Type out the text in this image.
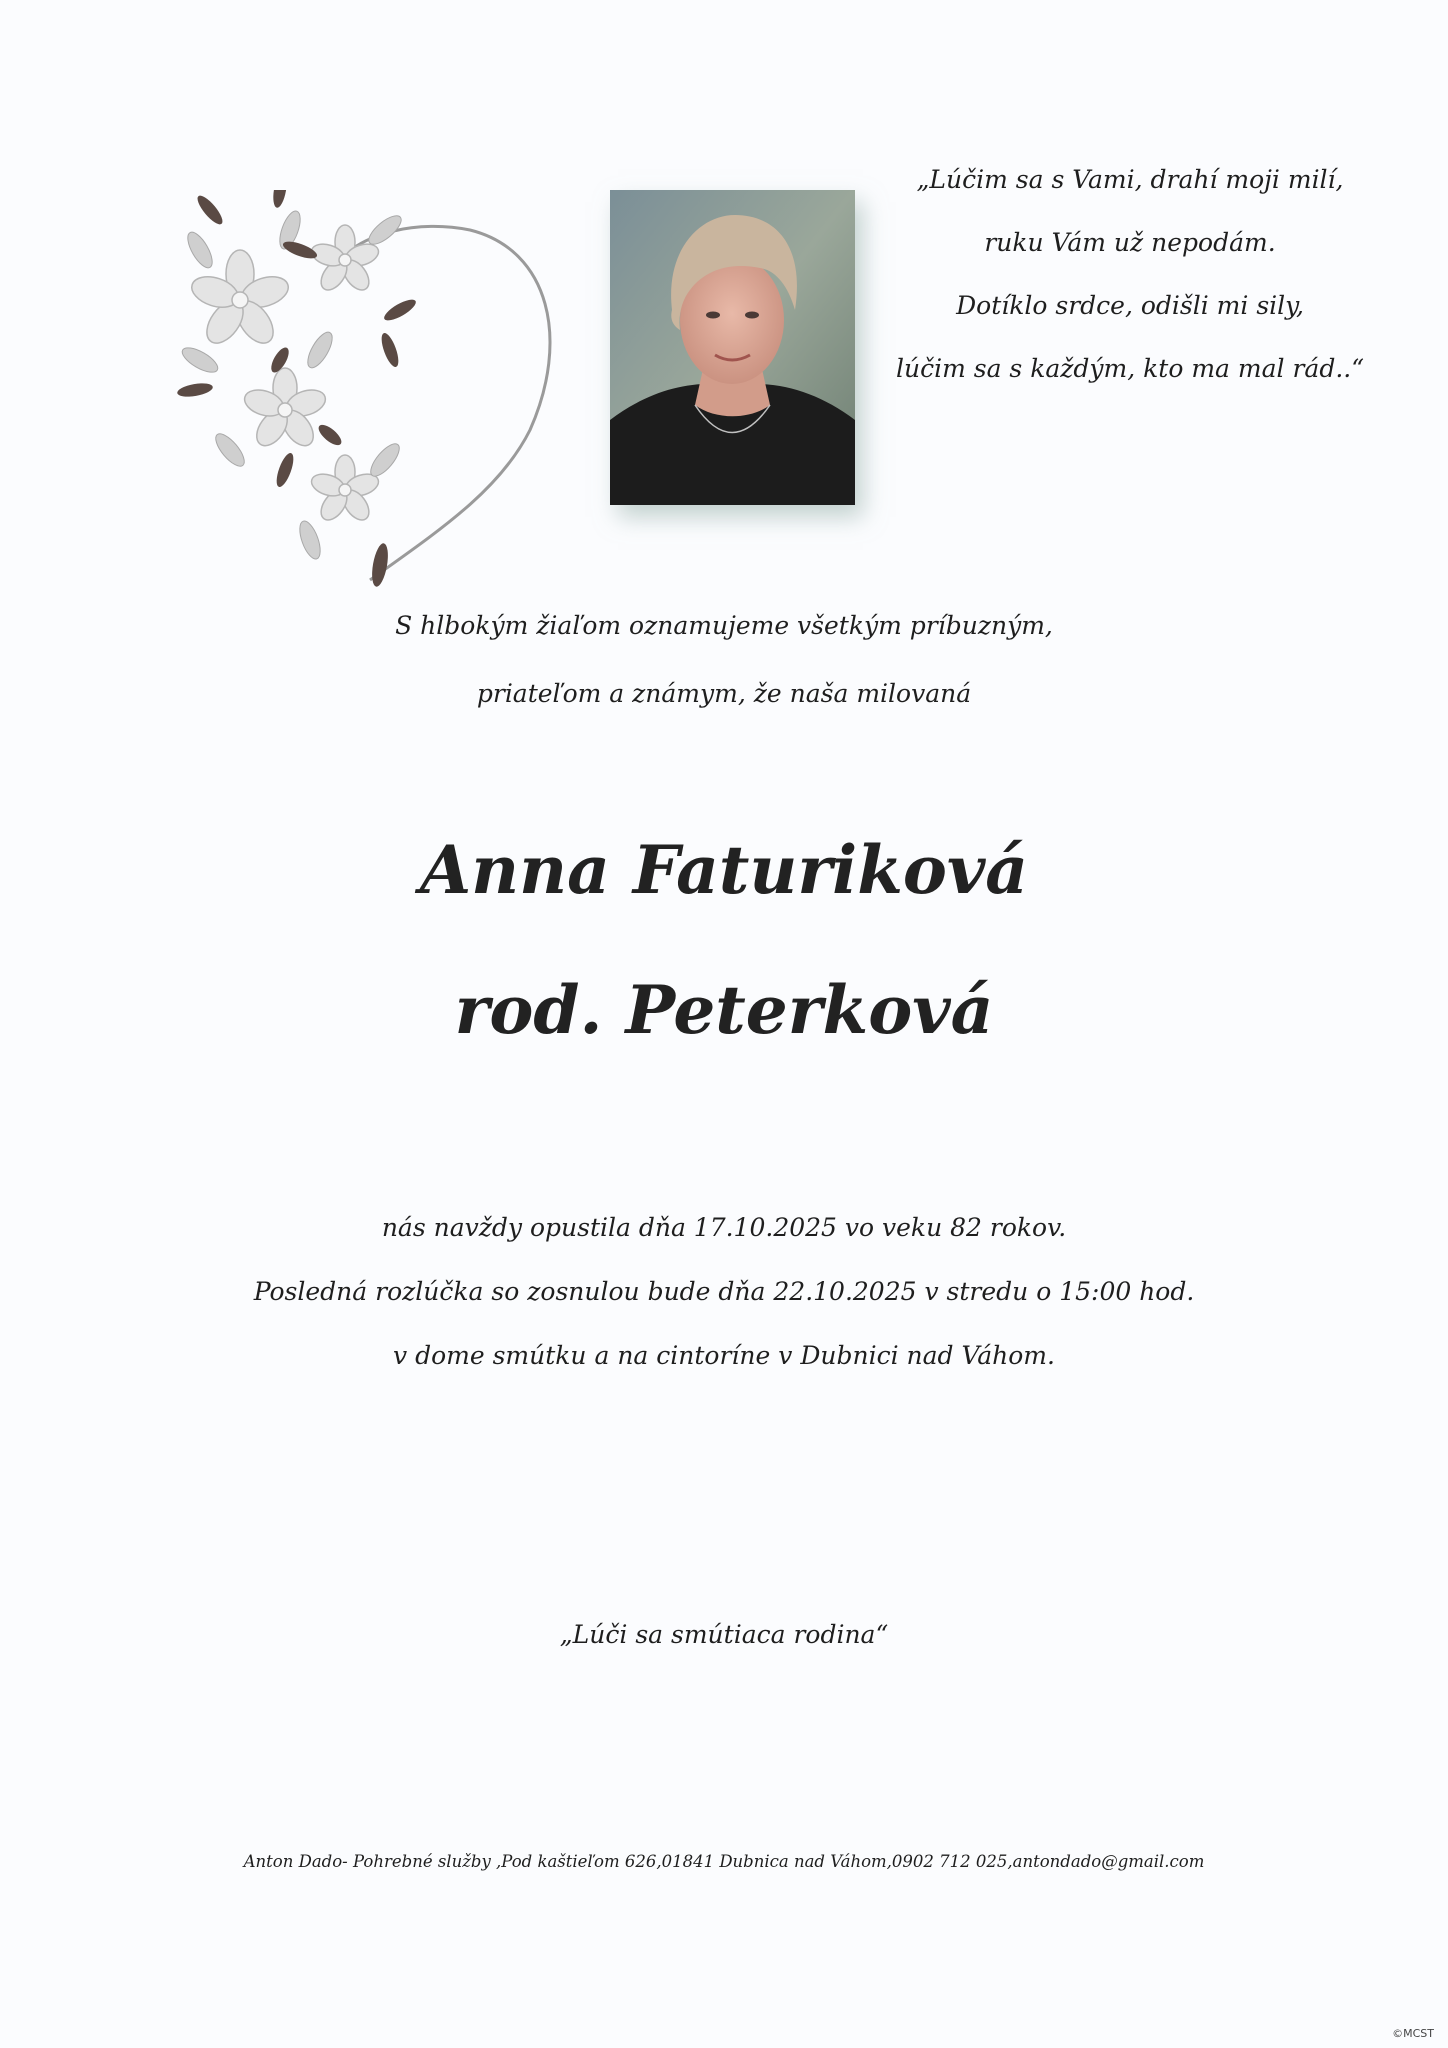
„Lúčim sa s Vami, drahí moji milí,
ruku Vám už nepodám.
Dotíklo srdce, odišli mi sily,
lúčim sa s každým, kto ma mal rád..“
S hlbokým žiaľom oznamujeme všetkým príbuzným,
priateľom a známym, že naša milovaná
Anna Faturiková
rod. Peterková
nás navždy opustila dňa 17.10.2025 vo veku 82 rokov.
Posledná rozlúčka so zosnulou bude dňa 22.10.2025 v stredu o 15:00 hod.
v dome smútku a na cintoríne v Dubnici nad Váhom.
„Lúči sa smútiaca rodina“
Anton Dado- Pohrebné služby ,Pod kaštieľom 626,01841 Dubnica nad Váhom,0902 712 025,antondado@gmail.com
©MCST
